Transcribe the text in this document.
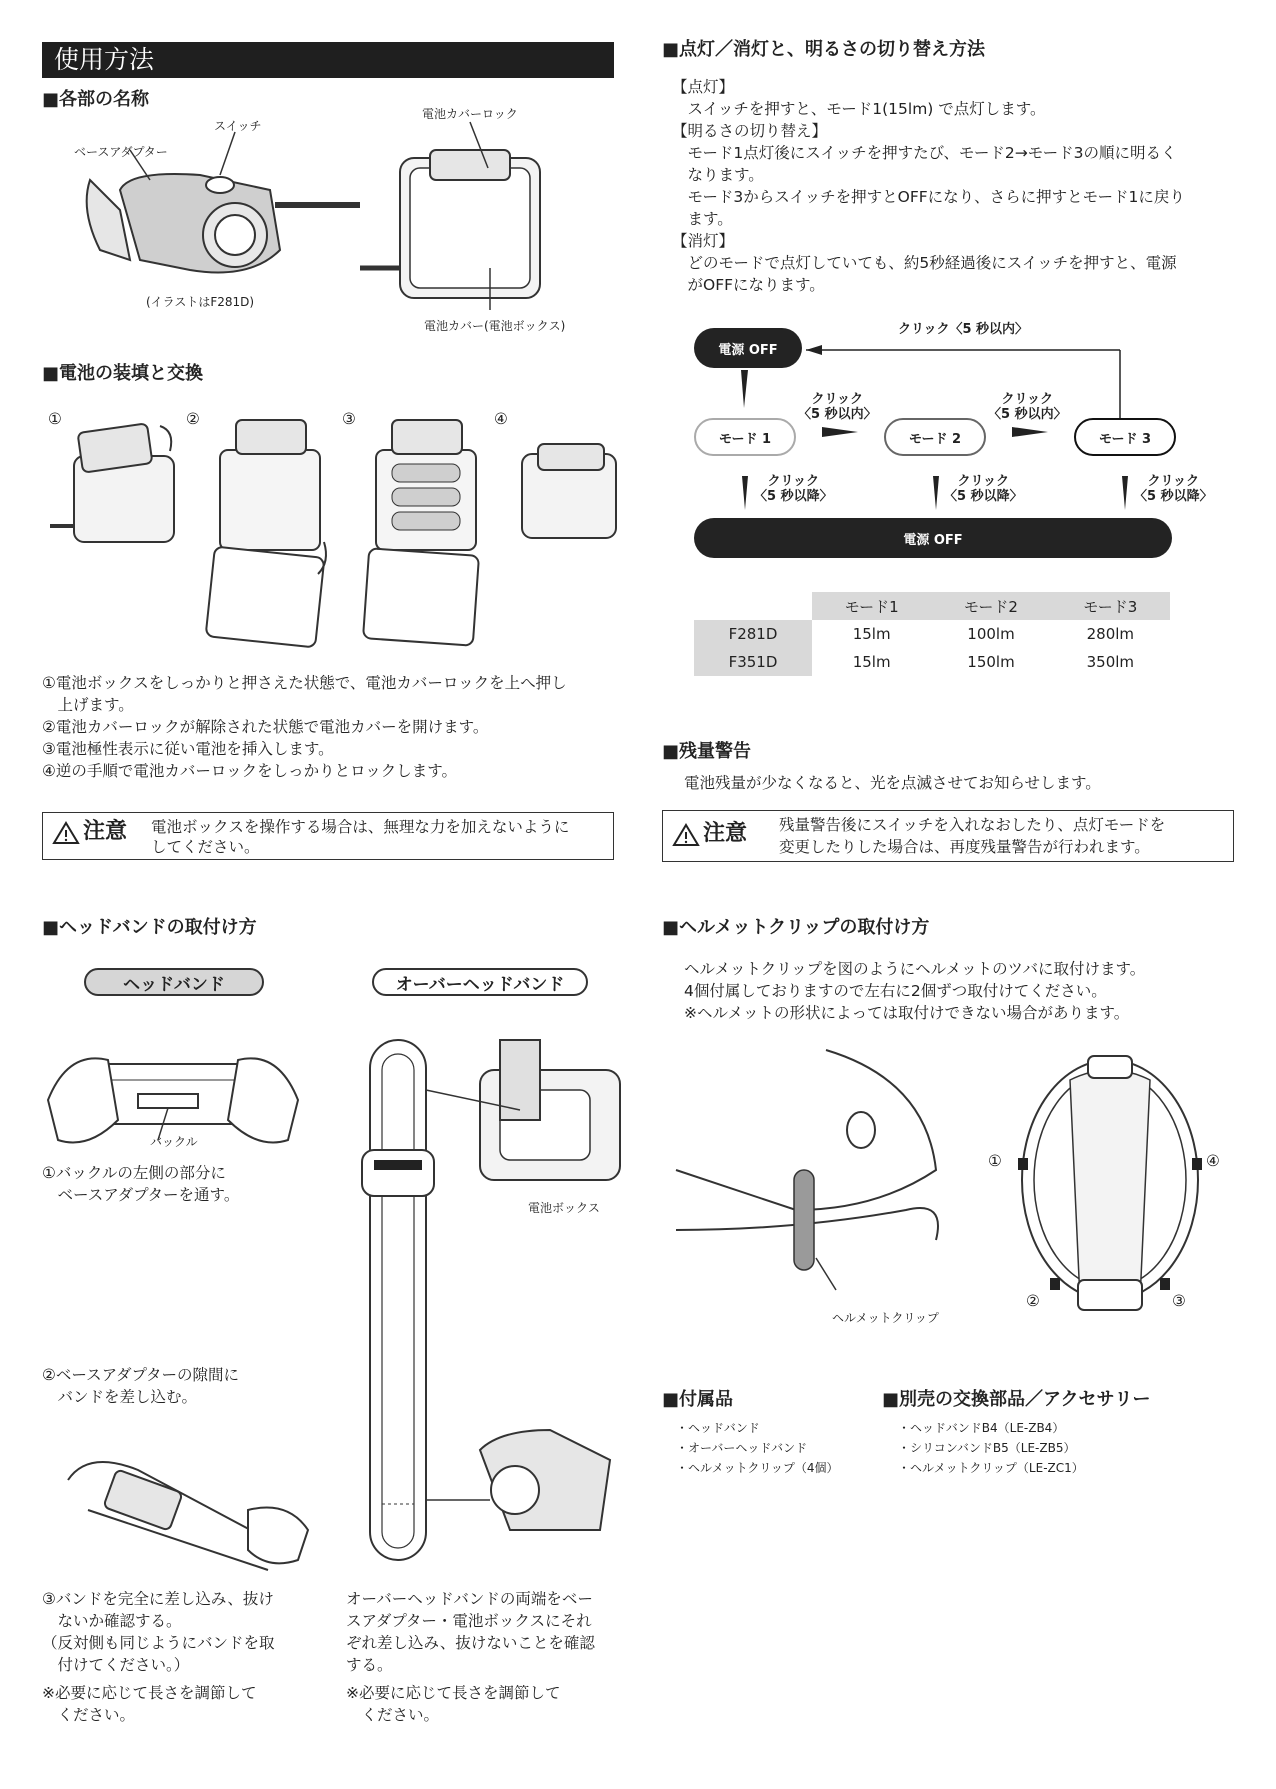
使用方法
■各部の名称
ベースアダプター
スイッチ
(イラストはF281D)
電池カバーロック
電池カバー(電池ボックス)
■電池の装填と交換
①	②	③	④
①電池ボックスをしっかりと押さえた状態で、電池カバーロックを上へ押し
　上げます。
②電池カバーロックが解除された状態で電池カバーを開けます。
③電池極性表示に従い電池を挿入します。
④逆の手順で電池カバーロックをしっかりとロックします。
注意 電池ボックスを操作する場合は、無理な力を加えないように
してください。
■ヘッドバンドの取付け方
ヘッドバンド	オーバーヘッドバンド
バックル
①バックルの左側の部分に
　ベースアダプターを通す。
②ベースアダプターの隙間に
　バンドを差し込む。
③バンドを完全に差し込み、抜け
　ないか確認する。
（反対側も同じようにバンドを取
　付けてください。）
※必要に応じて長さを調節して
　ください。
電池ボックス
オーバーヘッドバンドの両端をベー
スアダプター・電池ボックスにそれ
ぞれ差し込み、抜けないことを確認
する。
※必要に応じて長さを調節して
　ください。
■点灯／消灯と、明るさの切り替え方法
【点灯】
　スイッチを押すと、モード1(15lm) で点灯します。
【明るさの切り替え】
　モード1点灯後にスイッチを押すたび、モード2→モード3の順に明るく
　なります。
　モード3からスイッチを押すとOFFになり、さらに押すとモード1に戻り
　ます。
【消灯】
　どのモードで点灯していても、約5秒経過後にスイッチを押すと、電源
　がOFFになります。
電源 OFF
クリック〈5 秒以内〉
クリック
〈5 秒以内〉
クリック
〈5 秒以内〉
モード 1	モード 2	モード 3
クリック
〈5 秒以降〉
クリック
〈5 秒以降〉
クリック
〈5 秒以降〉
電源 OFF
	モード1	モード2	モード3
F281D	15lm	100lm	280lm
F351D	15lm	150lm	350lm
■残量警告
電池残量が少なくなると、光を点滅させてお知らせします。
注意 残量警告後にスイッチを入れなおしたり、点灯モードを
変更したりした場合は、再度残量警告が行われます。
■ヘルメットクリップの取付け方
ヘルメットクリップを図のようにヘルメットのツバに取付けます。
4個付属しておりますので左右に2個ずつ取付けてください。
※ヘルメットの形状によっては取付けできない場合があります。
ヘルメットクリップ
①	④
②	③
■付属品
・ヘッドバンド
・オーバーヘッドバンド
・ヘルメットクリップ（4個）
■別売の交換部品／アクセサリー
・ヘッドバンドB4（LE-ZB4）
・シリコンバンドB5（LE-ZB5）
・ヘルメットクリップ（LE-ZC1）
